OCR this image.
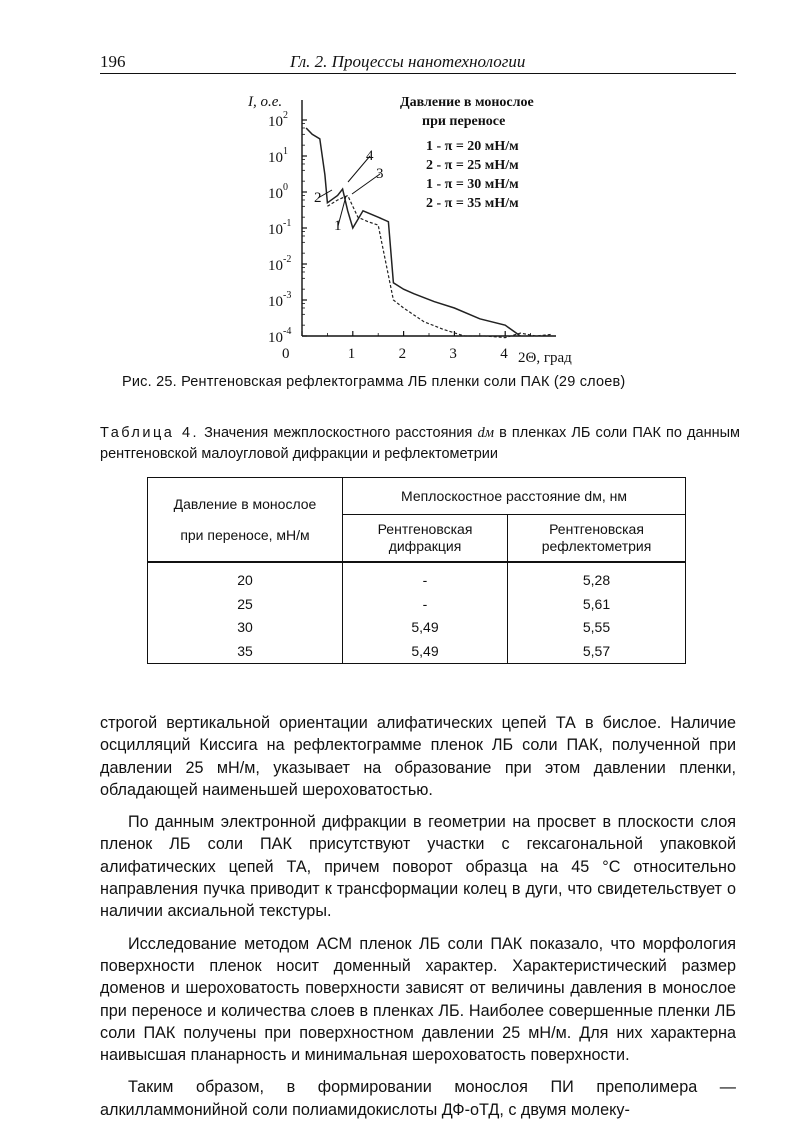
196	Гл. 2. Процессы нанотехнологии
$10^2$
$10^1$
$10^0$
$10^{-1}$
$10^{-2}$
$10^{-3}$
$10^{-4}$
0	1	2	3	4
I, o.e.
2Θ, град
Давление в монослое
при переносе
1 - π = 20 мН/м
2 - π = 25 мН/м
1 - π = 30 мН/м
2 - π = 35 мН/м
1
2
3
4
Рис. 25. Рентгеновская рефлектограмма ЛБ пленки соли ПАК (29 слоев)
Таблица 4. Значения межплоскостного расстояния dм в пленках ЛБ соли ПАК по данным рентгеновской малоугловой дифракции и рефлектометрии
Давление в монослое
при переносе, мН/м	Меплоскостное расстояние dм, нм	
	Рентгеновская дифракция	Рентгеновская рефлектометрия
20	-	5,28
25	-	5,61
30	5,49	5,55
35	5,49	5,57

строгой вертикальной ориентации алифатических цепей ТА в бислое. Наличие осцилляций Киссига на рефлектограмме пленок ЛБ соли ПАК, полученной при давлении 25 мН/м, указывает на образование при этом давлении пленки, обладающей наименьшей шероховатостью.

По данным электронной дифракции в геометрии на просвет в плоскости слоя пленок ЛБ соли ПАК присутствуют участки с гексагональной упаковкой алифатических цепей ТА, причем поворот образца на 45 °С относительно направления пучка приводит к трансформации колец в дуги, что свидетельствует о наличии аксиальной текстуры.

Исследование методом АСМ пленок ЛБ соли ПАК показало, что морфология поверхности пленок носит доменный характер. Характеристический размер доменов и шероховатость поверхности зависят от величины давления в монослое при переносе и количества слоев в пленках ЛБ. Наиболее совершенные пленки ЛБ соли ПАК получены при поверхностном давлении 25 мН/м. Для них характерна наивысшая планарность и минимальная шероховатость поверхности.

Таким образом, в формировании монослоя ПИ преполимера — алкилламмонийной соли полиамидокислоты ДФ-оТД, с двумя молеку-
